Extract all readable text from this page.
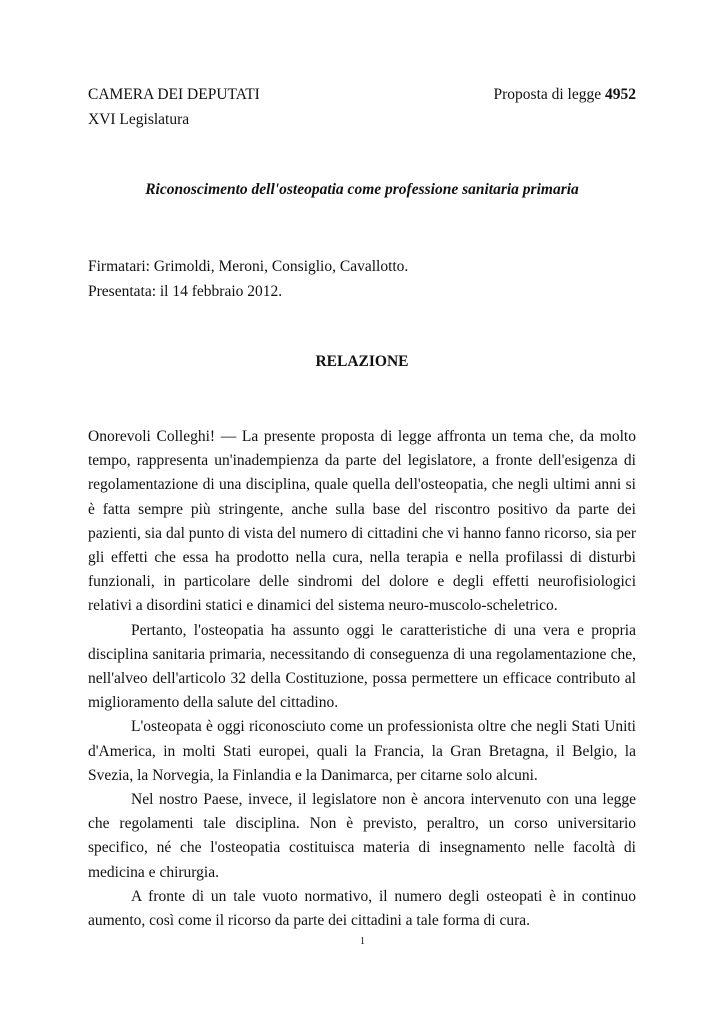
CAMERA DEI DEPUTATI	Proposta di legge 4952
XVI Legislatura
Riconoscimento dell'osteopatia come professione sanitaria primaria
Firmatari: Grimoldi, Meroni, Consiglio, Cavallotto.
Presentata: il 14 febbraio 2012.
RELAZIONE

Onorevoli Colleghi! — La presente proposta di legge affronta un tema che, da molto tempo, rappresenta un'inadempienza da parte del legislatore, a fronte dell'esigenza di regolamentazione di una disciplina, quale quella dell'osteopatia, che negli ultimi anni si è fatta sempre più stringente, anche sulla base del riscontro positivo da parte dei pazienti, sia dal punto di vista del numero di cittadini che vi hanno fanno ricorso, sia per gli effetti che essa ha prodotto nella cura, nella terapia e nella profilassi di disturbi funzionali, in particolare delle sindromi del dolore e degli effetti neurofisiologici relativi a disordini statici e dinamici del sistema neuro-muscolo-scheletrico.

Pertanto, l'osteopatia ha assunto oggi le caratteristiche di una vera e propria disciplina sanitaria primaria, necessitando di conseguenza di una regolamentazione che, nell'alveo dell'articolo 32 della Costituzione, possa permettere un efficace contributo al miglioramento della salute del cittadino.

L'osteopata è oggi riconosciuto come un professionista oltre che negli Stati Uniti d'America, in molti Stati europei, quali la Francia, la Gran Bretagna, il Belgio, la Svezia, la Norvegia, la Finlandia e la Danimarca, per citarne solo alcuni.

Nel nostro Paese, invece, il legislatore non è ancora intervenuto con una legge che regolamenti tale disciplina. Non è previsto, peraltro, un corso universitario specifico, né che l'osteopatia costituisca materia di insegnamento nelle facoltà di medicina e chirurgia.

A fronte di un tale vuoto normativo, il numero degli osteopati è in continuo aumento, così come il ricorso da parte dei cittadini a tale forma di cura.

1
